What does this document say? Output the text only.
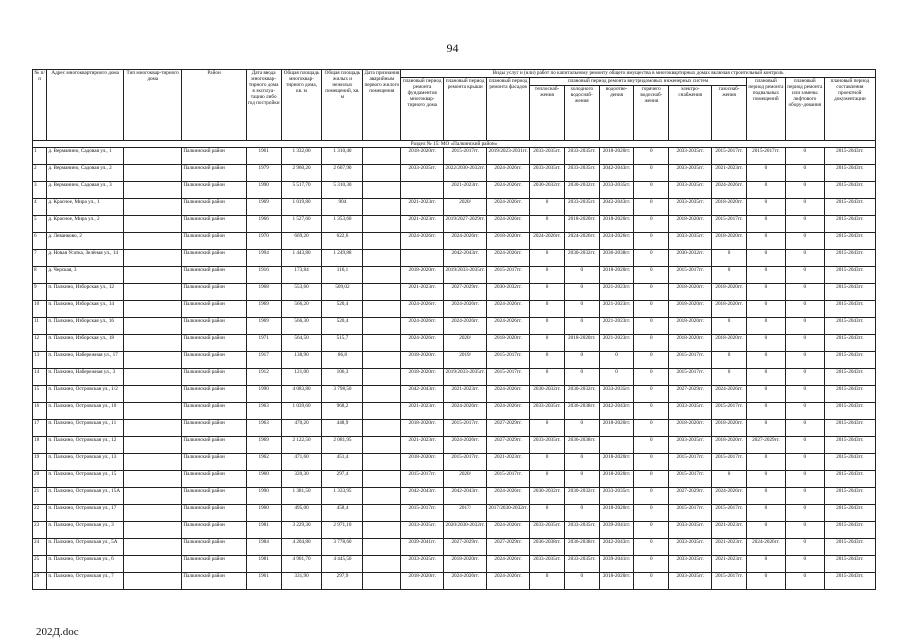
94
№ п/п	Адрес многоквартирного дома	Тип многоквар-тирного дома	Район	Дата ввода многоквар-тирного дома в эксплуа-тацию либо год постройки	Общая площадь многоквар-тирного дома, кв. м	Общая площадь жилых и нежилых помещений, кв. м	Дата признания аварийным первого жилого помещения	Виды услуг и (или) работ по капитальному ремонту общего имущества в многоквартирных домах включая строительный контроль											
								плановый период ремонта фундаментов многоквар-тирного дома	плановый период ремонта крыши	плановый период ремонта фасадов	плановый период ремонта внутридомовых инженерных систем						плановый период ремонта подвальных помещений	плановый период ремонта или замены лифтового обору-дования	плановый период составления проектной документации
											теплоснаб-жения	холодного водоснаб-жения	водоотве-дения	горячего водоснаб-жения	электро-снабжения	газоснаб-жения			
Раздел № 15: МО «Палкинский район»																			
1	д. Верманино, Садовая ул., 1		Палкинский район	1961	1 332,00	1 310,40		2018-2020гг.	2015-2017гг.	2019/2023-2031гг.	2033-2035гг.	2033-2035гг.	2018-2020гг.	0	2033-2035гг.	2015-2017гг.	2015-2017гг.	0	2015-2043гг.
2	д. Верманино, Садовая ул., 2		Палкинский район	1979	2 960,20	2 607,90		2033-2035гг.	2022/2030-2032гг.	2024-2026гг.	2033-2035гг.	2033-2035гг.	2042-2043гг.	0	2033-2035гг.	2021-2023гг.	0	0	2015-2043гг.
3	д. Верманино, Садовая ул., 3		Палкинский район	1990	5 517,70	5 310,30			2021-2023гг.	2024-2026гг.	2030-2032гг.	2030-2032гг.	2033-2035гг.	0	2033-2035гг.	2024-2026гг.	0	0	2015-2043гг.
4	д. Красное, Мира ул., 1		Палкинский район	1969	1 019,80	904		2021-2023гг.	2020/	2024-2026гг.	0	2033-2035гг.	2042-2043гг.	0	2033-2035гг.	2018-2020гг.	0	0	2015-2043гг.
5	д. Красное, Мира ул., 2		Палкинский район	1966	1 527,60	1 353,60		2021-2023гг.	2019/2027-2029гг.	2024-2026гг.	0	2018-2020гг.	2018-2020гг.	0	2018-2020гг.	2015-2017гг.	0	0	2015-2043гг.
6	д. Леванково, 2		Палкинский район	1970	669,20	622,6		2024-2026гг.	2024-2026гг.	2018-2020гг.	2024-2026гг.	2024-2026гг.	2024-2026гг.	0	2033-2035гг.	2018-2020гг.	0	0	2015-2043гг.
7	д. Новая Усатка, Зелёная ул., 14		Палкинский район	1994	1 443,80	1 249,88			2042-2043гг.	2024-2026гг.	0	2030-2032гг.	2036-2038гг.	0	2030-2032гг.	0	0	0	2015-2043гг.
8	д. Черская, 3		Палкинский район	1916	173,84	116,1		2018-2020гг.	2019/2033-2035гг.	2015-2017гг.	0	0	2018-2020гг.	0	2015-2017гг.	0	0	0	2015-2043гг.
9	п. Палкино, Изборская ул., 12		Палкинский район	1968	553,60	509,02		2021-2023гг.	2027-2029гг.	2030-2032гг.	0	0	2021-2023гг.	0	2018-2020гг.	2018-2020гг.	0	0	2015-2043гг.
10	п. Палкино, Изборская ул., 14		Палкинский район	1969	566,20	520,4		2024-2026гг.	2024-2026гг.	2024-2026гг.	0	0	2021-2023гг.	0	2018-2020гг.	2018-2020гг.	0	0	2015-2043гг.
11	п. Палкино, Изборская ул., 16		Палкинский район	1969	566,30	520,4		2024-2026гг.	2024-2026гг.	2024-2026гг.	0	0	2021-2023гг.	0	2018-2020гг.	0	0	0	2015-2043гг.
12	п. Палкино, Изборская ул., 18		Палкинский район	1971	564,50	515,7		2024-2026гг.	2020/	2018-2020гг.	0	2018-2020гг.	2021-2023гг.	0	2018-2020гг.	2018-2020гг.	0	0	2015-2043гг.
13	п. Палкино, Набережная ул., 17		Палкинский район	1917	138,90	86,8		2018-2020гг.	2019/	2015-2017гг.	0	0	0	0	2015-2017гг.	0	0	0	2015-2043гг.
14	п. Палкино, Набережная ул., 3		Палкинский район	1912	121,00	106,3		2018-2020гг.	2019/2033-2035гг.	2015-2017гг.	0	0	0	0	2015-2017гг.	0	0	0	2015-2043гг.
15	п. Палкино, Островская ул., 1/2		Палкинский район	1990	4 083,80	3 798,50		2042-2043гг.	2021-2023гг.	2024-2026гг.	2030-2032гг.	2030-2032гг.	2033-2035гг.	0	2027-2029гг.	2024-2026гг.	0	0	2015-2043гг.
16	п. Палкино, Островская ул., 10		Палкинский район	1963	1 039,60	968,2		2021-2023гг.	2024-2026гг.	2024-2026гг.	2033-2035гг.	2036-2038гг.	2042-2043гг.	0	2033-2035гг.	2015-2017гг.	0	0	2015-2043гг.
17	п. Палкино, Островская ул., 11		Палкинский район	1963	470,20	448,9		2018-2020гг.	2015-2017гг.	2027-2029гг.	0	0	2018-2020гг.	0	2018-2020гг.	2018-2020гг.	0	0	2015-2043гг.
18	п. Палкино, Островская ул., 12		Палкинский район	1969	2 122,50	2 081,95		2021-2023гг.	2024-2026гг.	2027-2029гг.	2033-2035гг.	2036-2038гг.		0	2033-2035гг.	2018-2020гг.	2027-2029гг.	0	2015-2043гг.
19	п. Палкино, Островская ул., 13		Палкинский район	1962	471,60	451,4		2018-2020гг.	2015-2017гг.	2021-2023гг.	0	0	2018-2020гг.	0	2015-2017гг.	2015-2017гг.	0	0	2015-2043гг.
20	п. Палкино, Островская ул., 15		Палкинский район	1960	320,30	297,4		2015-2017гг.	2020/	2015-2017гг.	0	0	2018-2020гг.	0	2015-2017гг.	0	0	0	2015-2043гг.
21	п. Палкино, Островская ул., 15А		Палкинский район	1990	1 381,50	1 333,95		2042-2043гг.	2042-2043гг.	2024-2026гг.	2030-2032гг.	2030-2032гг.	2033-2035гг.	0	2027-2029гг.	2024-2026гг.	0	0	2015-2043гг.
22	п. Палкино, Островская ул., 17		Палкинский район	1960	495,00	458,4		2015-2017гг.	2017/	2017/2030-2032гг.	0	0	2018-2020гг.	0	2015-2017гг.	2015-2017гг.	0	0	2015-2043гг.
23	п. Палкино, Островская ул., 3		Палкинский район	1981	3 229,30	2 971,10		2033-2035гг.	2020/2030-2032гг.	2024-2026гг.	2033-2035гг.	2033-2035гг.	2039-2041гг.	0	2033-2035гг.	2021-2023гг.	0	0	2015-2043гг.
24	п. Палкино, Островская ул., 5А		Палкинский район	1984	4 204,80	3 778,60		2039-2041гг.	2027-2029гг.	2027-2029гг.	2036-2038гг.	2036-2038гг.	2042-2043гг.	0	2033-2035гг.	2021-2023гг.	2024-2026гг.	0	2015-2043гг.
25	п. Палкино, Островская ул., 6		Палкинский район	1981	4 901,70	4 445,50		2033-2035гг.	2018-2020гг.	2024-2026гг.	2033-2035гг.	2033-2035гг.	2039-2041гг.	0	2033-2035гг.	2021-2023гг.	0	0	2015-2043гг.
26	п. Палкино, Островская ул., 7		Палкинский район	1961	331,90	297,9		2018-2020гг.	2024-2026гг.	2024-2026гг.	0	0	2018-2020гг.	0	2033-2035гг.	2015-2017гг.	0	0	2015-2043гг.
202Д.doc
